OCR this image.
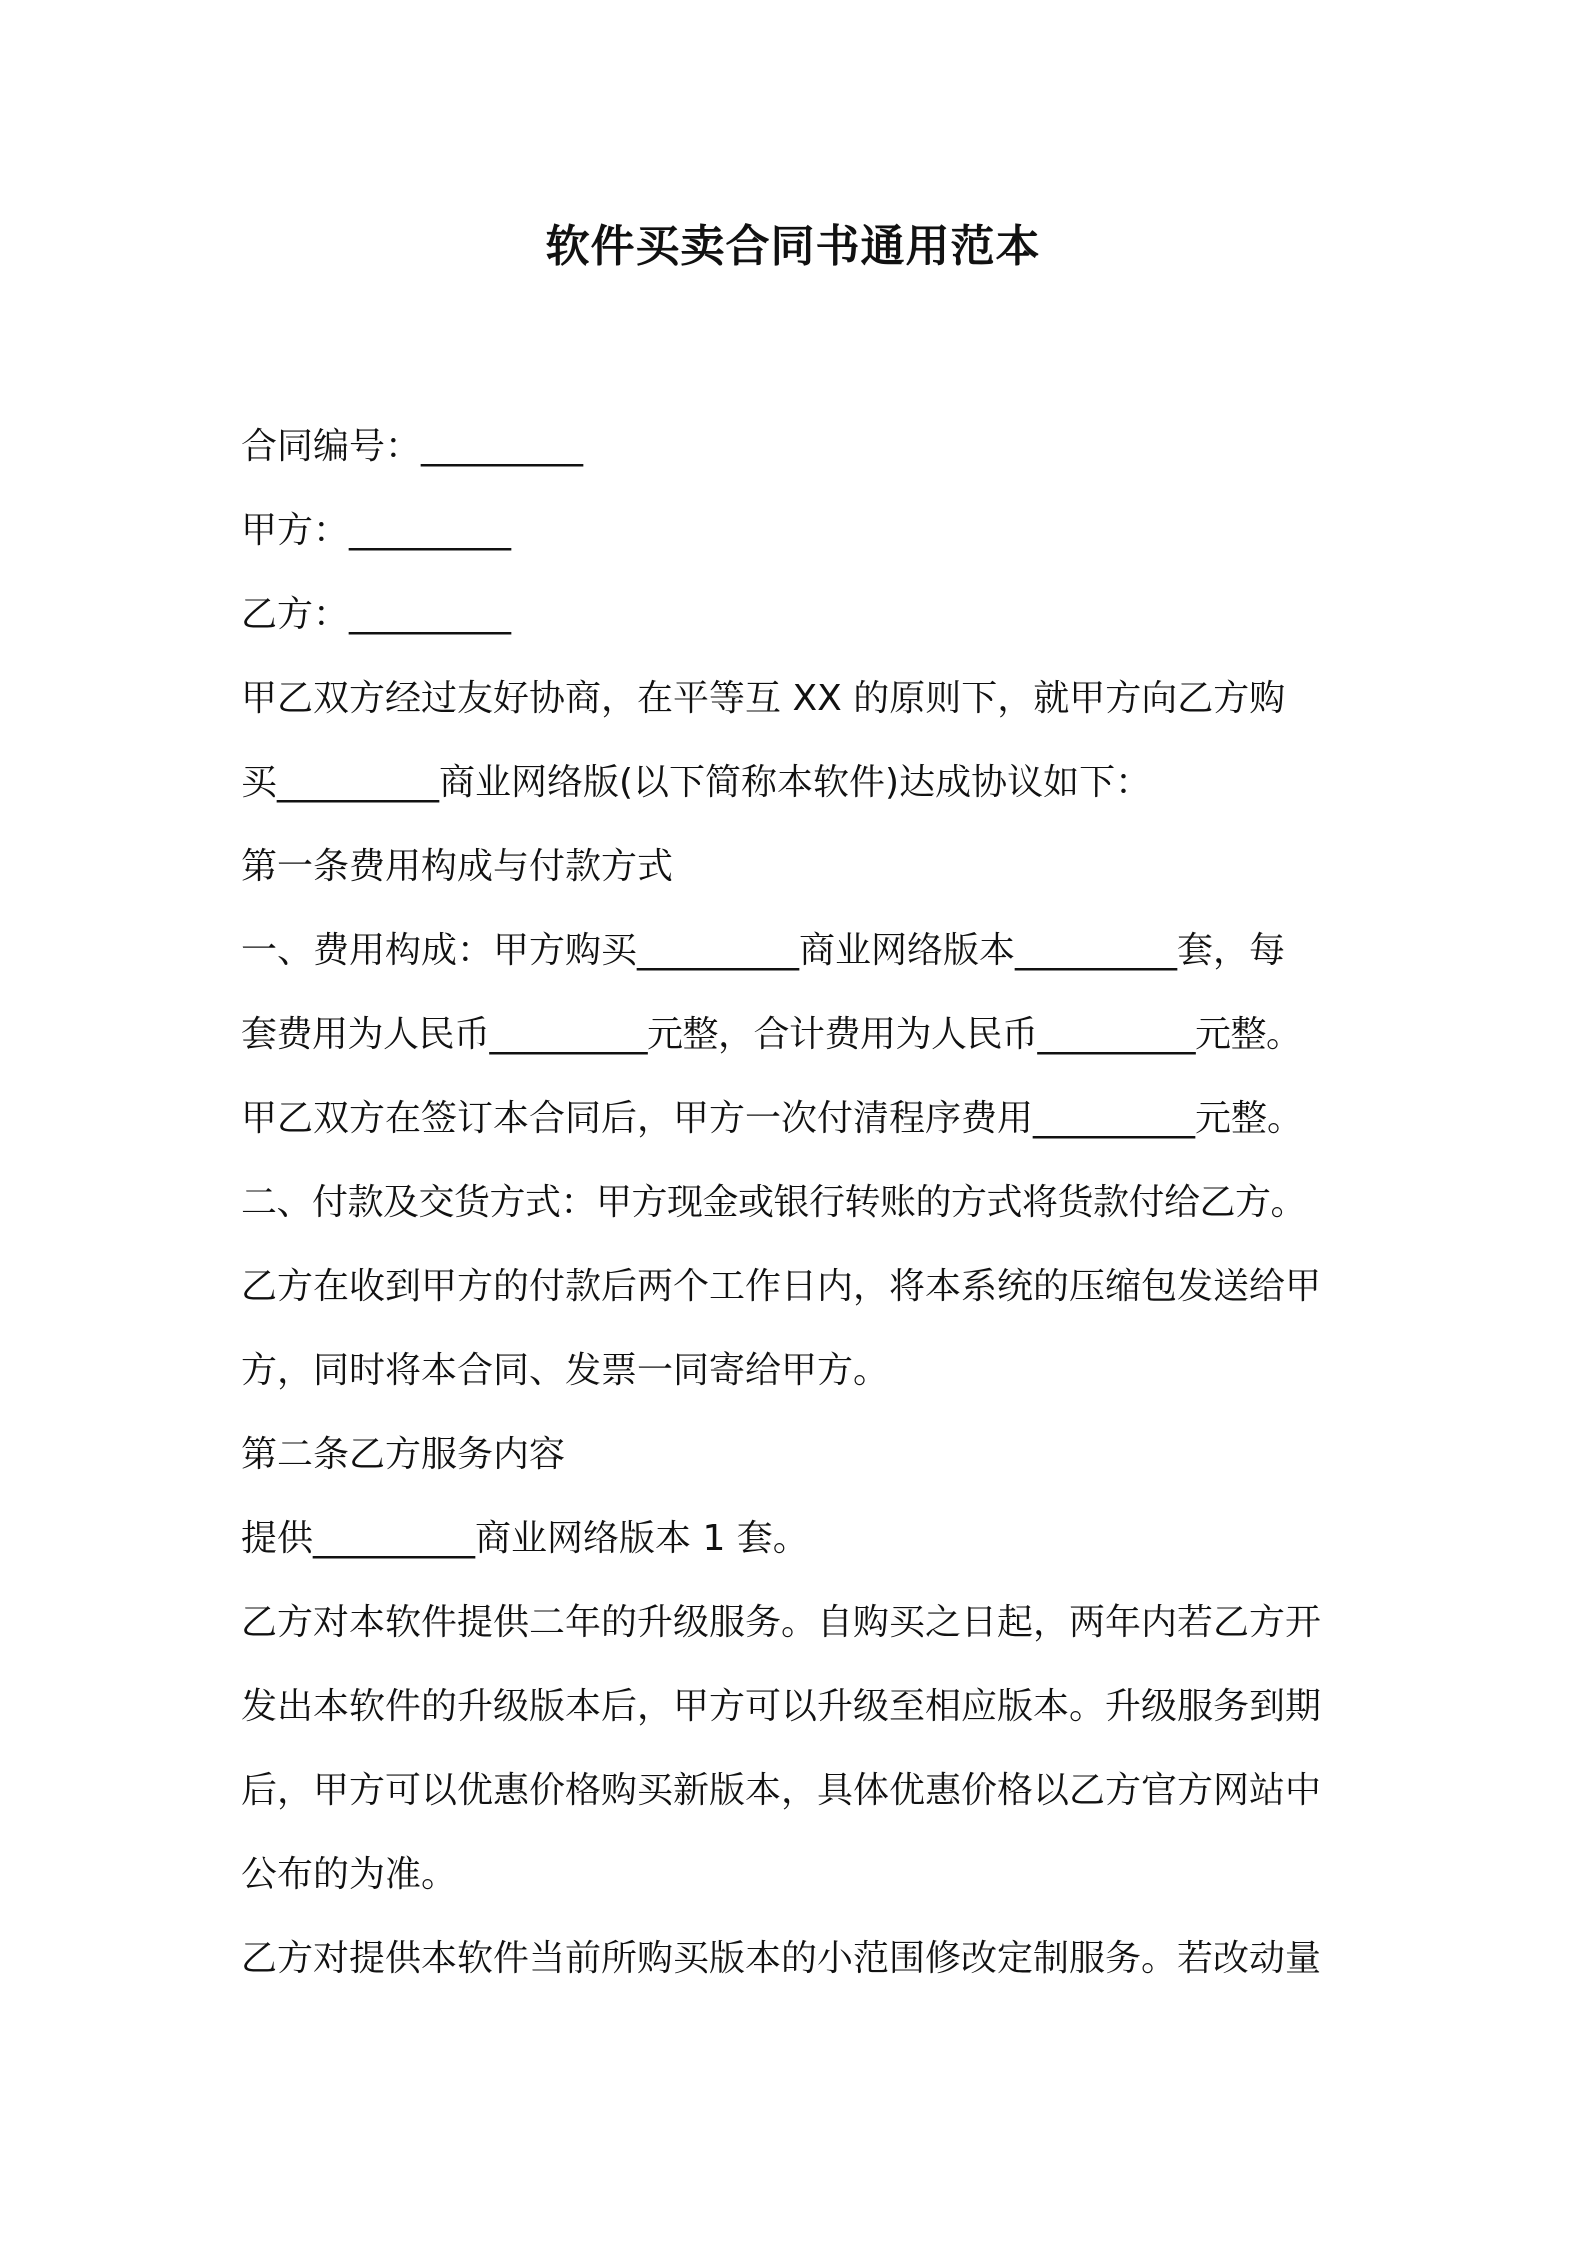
软件买卖合同书通用范本

合同编号：_________

甲方：_________

乙方：_________

甲乙双方经过友好协商，在平等互 XX 的原则下，就甲方向乙方购

买_________商业网络版(以下简称本软件)达成协议如下：

第一条费用构成与付款方式

一、费用构成：甲方购买_________商业网络版本_________套，每

套费用为人民币_________元整，合计费用为人民币_________元整。

甲乙双方在签订本合同后，甲方一次付清程序费用_________元整。

二、付款及交货方式：甲方现金或银行转账的方式将货款付给乙方。

乙方在收到甲方的付款后两个工作日内，将本系统的压缩包发送给甲

方，同时将本合同、发票一同寄给甲方。

第二条乙方服务内容

提供_________商业网络版本 1 套。

乙方对本软件提供二年的升级服务。自购买之日起，两年内若乙方开

发出本软件的升级版本后，甲方可以升级至相应版本。升级服务到期

后，甲方可以优惠价格购买新版本，具体优惠价格以乙方官方网站中

公布的为准。

乙方对提供本软件当前所购买版本的小范围修改定制服务。若改动量
